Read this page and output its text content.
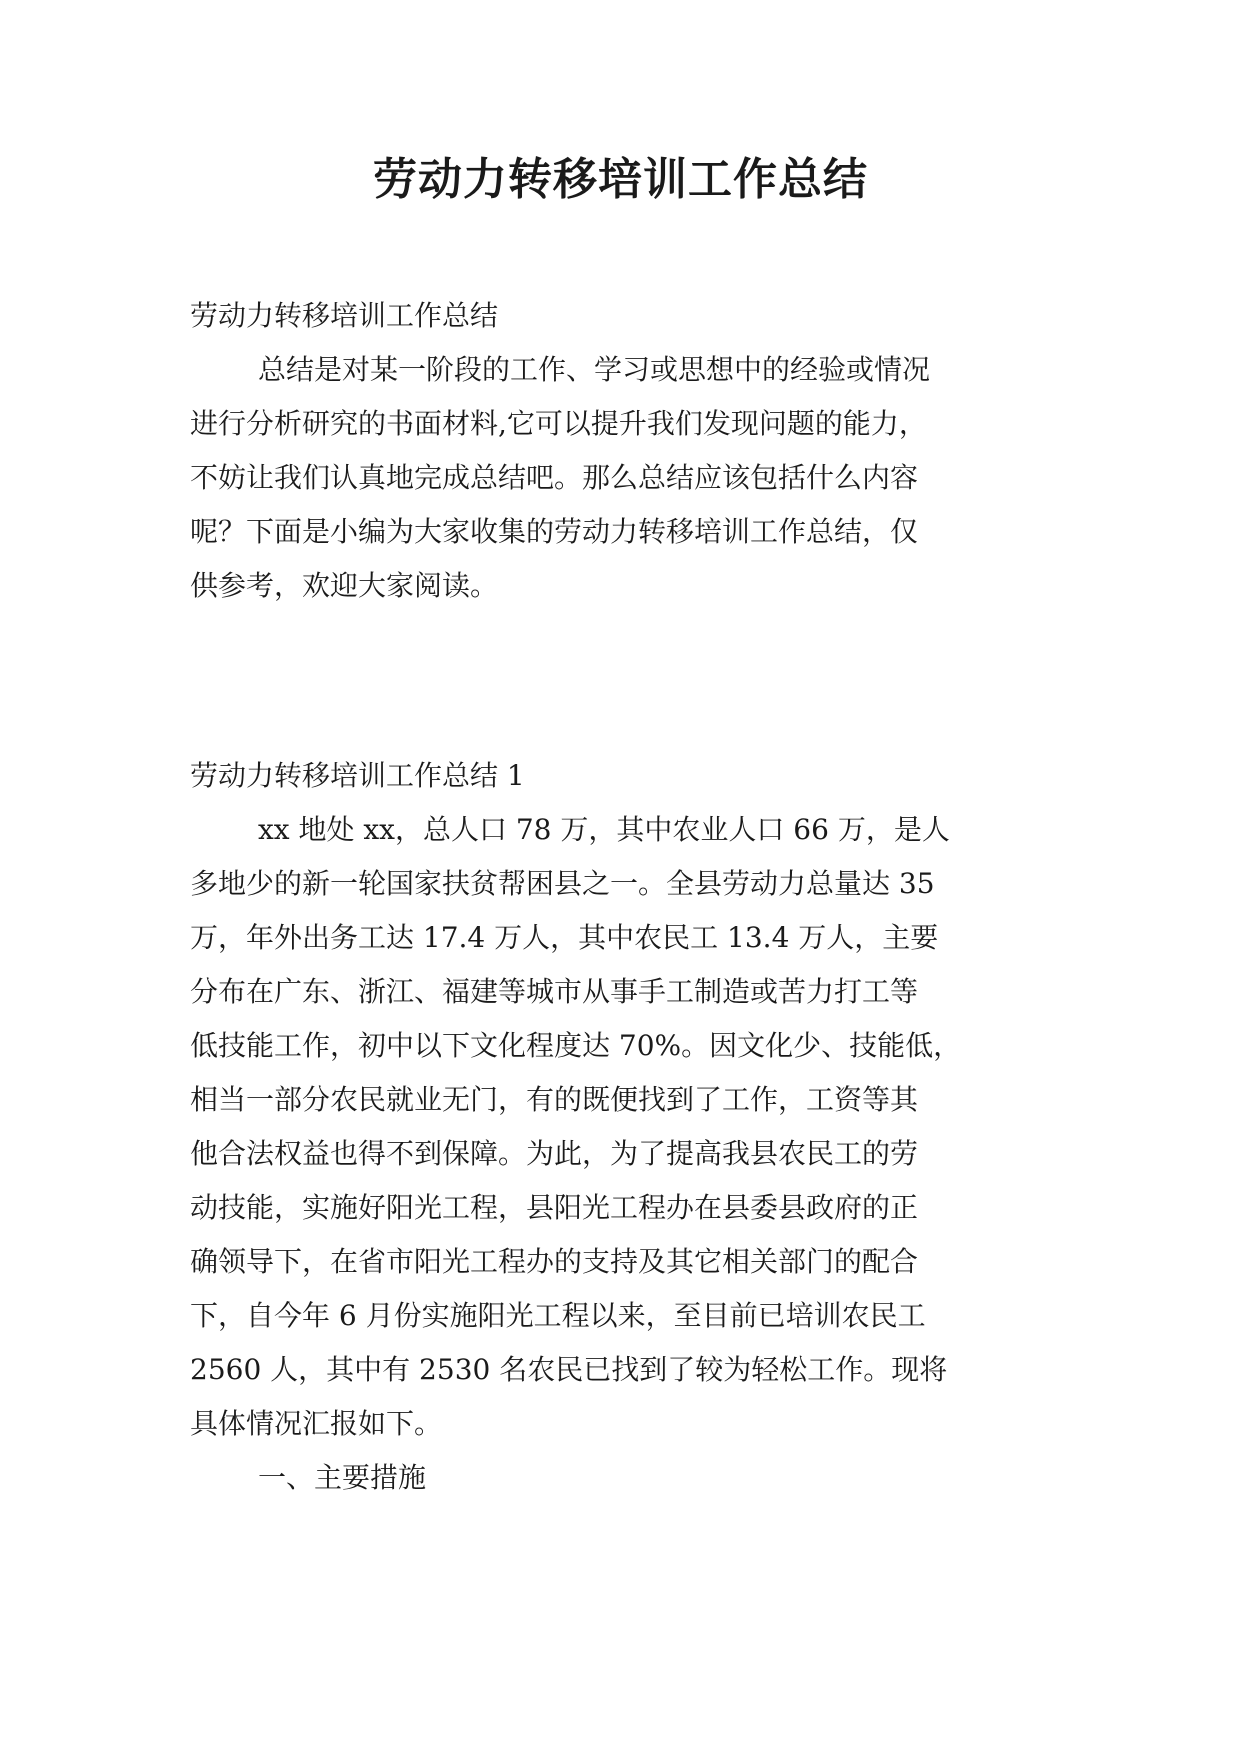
劳动力转移培训工作总结

劳动力转移培训工作总结

总结是对某一阶段的工作、学习或思想中的经验或情况

进行分析研究的书面材料,它可以提升我们发现问题的能力，

不妨让我们认真地完成总结吧。那么总结应该包括什么内容

呢？下面是小编为大家收集的劳动力转移培训工作总结，仅

供参考，欢迎大家阅读。

劳动力转移培训工作总结 1

xx 地处 xx，总人口 78 万，其中农业人口 66 万，是人

多地少的新一轮国家扶贫帮困县之一。全县劳动力总量达 35

万，年外出务工达 17.4 万人，其中农民工 13.4 万人，主要

分布在广东、浙江、福建等城市从事手工制造或苦力打工等

低技能工作，初中以下文化程度达 70%。因文化少、技能低，

相当一部分农民就业无门，有的既便找到了工作，工资等其

他合法权益也得不到保障。为此，为了提高我县农民工的劳

动技能，实施好阳光工程，县阳光工程办在县委县政府的正

确领导下，在省市阳光工程办的支持及其它相关部门的配合

下，自今年 6 月份实施阳光工程以来，至目前已培训农民工

2560 人，其中有 2530 名农民已找到了较为轻松工作。现将

具体情况汇报如下。

一、主要措施
